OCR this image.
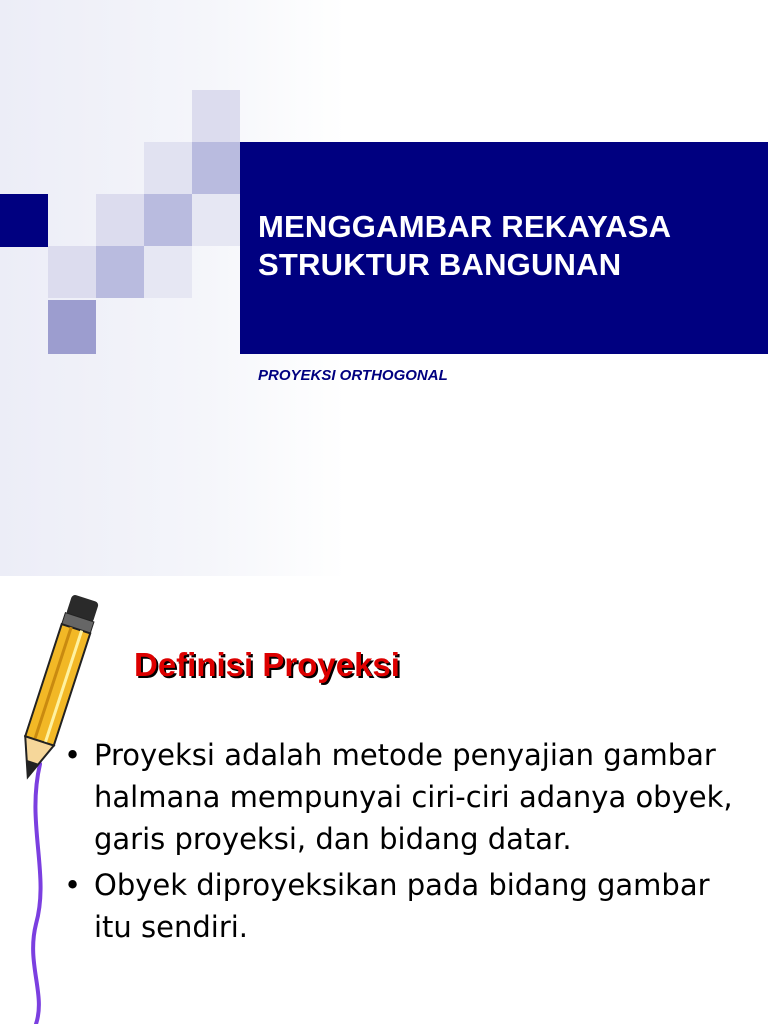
MENGGAMBAR REKAYASA
STRUKTUR BANGUNAN
PROYEKSI ORTHOGONAL
Definisi Proyeksi
• Proyeksi adalah metode penyajian gambar halmana mempunyai ciri-ciri adanya obyek, garis proyeksi, dan bidang datar.
• Obyek diproyeksikan pada bidang gambar itu sendiri.
